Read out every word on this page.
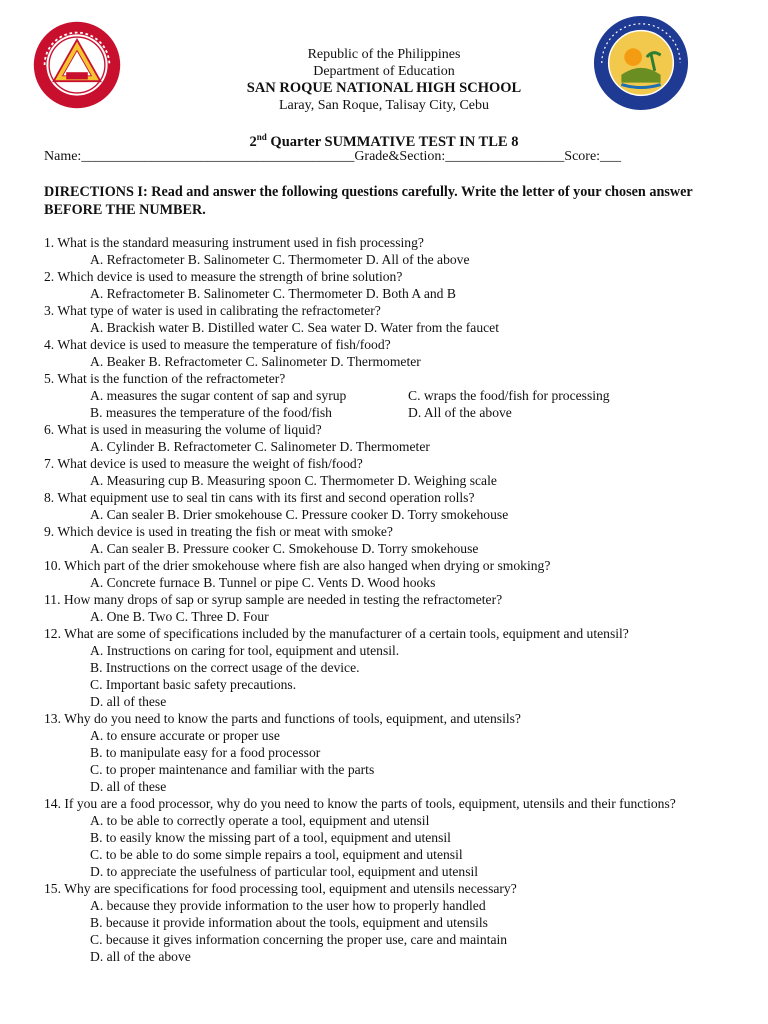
Republic of the Philippines
Department of Education
SAN ROQUE NATIONAL HIGH SCHOOL
Laray, San Roque, Talisay City, Cebu
2nd Quarter SUMMATIVE TEST IN TLE 8
Name:_______________________________________Grade&Section:_________________Score:___
DIRECTIONS I: Read and answer the following questions carefully. Write the letter of your chosen answer BEFORE THE NUMBER.
1. What is the standard measuring instrument used in fish processing?
A. Refractometer B. Salinometer C. Thermometer D. All of the above
2. Which device is used to measure the strength of brine solution?
A. Refractometer B. Salinometer C. Thermometer D. Both A and B
3. What type of water is used in calibrating the refractometer?
A. Brackish water B. Distilled water C. Sea water D. Water from the faucet
4. What device is used to measure the temperature of fish/food?
A. Beaker B. Refractometer C. Salinometer D. Thermometer
5. What is the function of the refractometer?
A. measures the sugar content of sap and syrup	C. wraps the food/fish for processing
B. measures the temperature of the food/fish	D. All of the above
6. What is used in measuring the volume of liquid?
A. Cylinder B. Refractometer C. Salinometer D. Thermometer
7. What device is used to measure the weight of fish/food?
A. Measuring cup B. Measuring spoon C. Thermometer D. Weighing scale
8. What equipment use to seal tin cans with its first and second operation rolls?
A. Can sealer B. Drier smokehouse C. Pressure cooker D. Torry smokehouse
9. Which device is used in treating the fish or meat with smoke?
A. Can sealer B. Pressure cooker C. Smokehouse D. Torry smokehouse
10. Which part of the drier smokehouse where fish are also hanged when drying or smoking?
A. Concrete furnace B. Tunnel or pipe C. Vents D. Wood hooks
11. How many drops of sap or syrup sample are needed in testing the refractometer?
A. One B. Two C. Three D. Four
12. What are some of specifications included by the manufacturer of a certain tools, equipment and utensil?
A. Instructions on caring for tool, equipment and utensil.
B. Instructions on the correct usage of the device.
C. Important basic safety precautions.
D. all of these
13. Why do you need to know the parts and functions of tools, equipment, and utensils?
A. to ensure accurate or proper use
B. to manipulate easy for a food processor
C. to proper maintenance and familiar with the parts
D. all of these
14. If you are a food processor, why do you need to know the parts of tools, equipment, utensils and their functions?
A. to be able to correctly operate a tool, equipment and utensil
B. to easily know the missing part of a tool, equipment and utensil
C. to be able to do some simple repairs a tool, equipment and utensil
D. to appreciate the usefulness of particular tool, equipment and utensil
15. Why are specifications for food processing tool, equipment and utensils necessary?
A. because they provide information to the user how to properly handled
B. because it provide information about the tools, equipment and utensils
C. because it gives information concerning the proper use, care and maintain
D. all of the above
